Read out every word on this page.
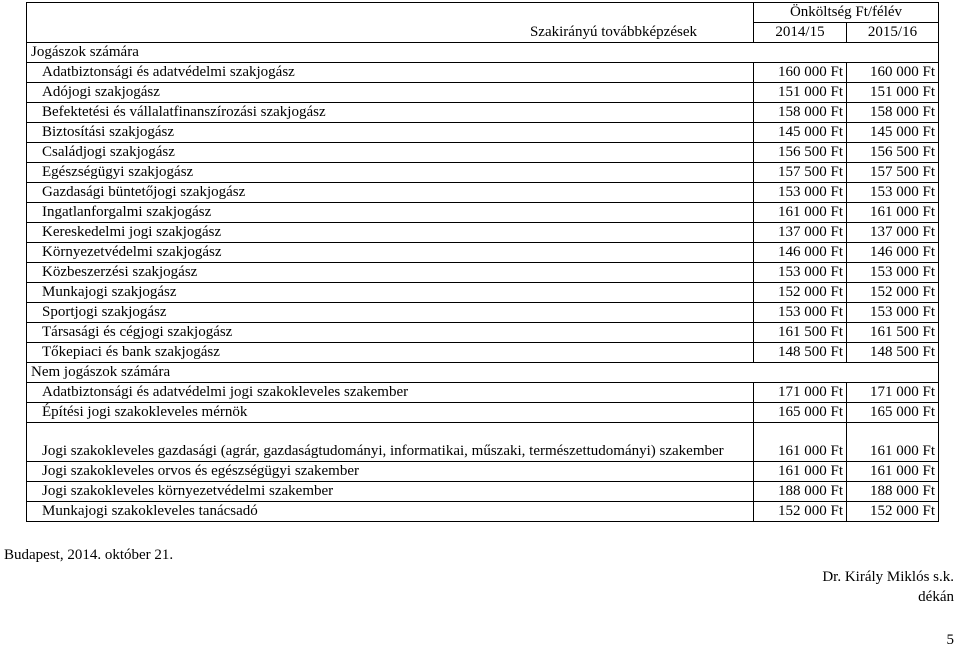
	Önköltség Ft/félév	
Szakirányú továbbképzések	2014/15	2015/16
Jogászok számára		
Adatbiztonsági és adatvédelmi szakjogász	160 000 Ft	160 000 Ft
Adójogi szakjogász	151 000 Ft	151 000 Ft
Befektetési és vállalatfinanszírozási szakjogász	158 000 Ft	158 000 Ft
Biztosítási szakjogász	145 000 Ft	145 000 Ft
Családjogi szakjogász	156 500 Ft	156 500 Ft
Egészségügyi szakjogász	157 500 Ft	157 500 Ft
Gazdasági büntetőjogi szakjogász	153 000 Ft	153 000 Ft
Ingatlanforgalmi szakjogász	161 000 Ft	161 000 Ft
Kereskedelmi jogi szakjogász	137 000 Ft	137 000 Ft
Környezetvédelmi szakjogász	146 000 Ft	146 000 Ft
Közbeszerzési szakjogász	153 000 Ft	153 000 Ft
Munkajogi szakjogász	152 000 Ft	152 000 Ft
Sportjogi szakjogász	153 000 Ft	153 000 Ft
Társasági és cégjogi szakjogász	161 500 Ft	161 500 Ft
Tőkepiaci és bank szakjogász	148 500 Ft	148 500 Ft
Nem jogászok számára		
Adatbiztonsági és adatvédelmi jogi szakokleveles szakember	171 000 Ft	171 000 Ft
Építési jogi szakokleveles mérnök	165 000 Ft	165 000 Ft
Jogi szakokleveles gazdasági (agrár, gazdaságtudományi, informatikai, műszaki, természettudományi) szakember	161 000 Ft	161 000 Ft
Jogi szakokleveles orvos és egészségügyi szakember	161 000 Ft	161 000 Ft
Jogi szakokleveles környezetvédelmi szakember	188 000 Ft	188 000 Ft
Munkajogi szakokleveles tanácsadó	152 000 Ft	152 000 Ft
Budapest, 2014. október 21.
Dr. Király Miklós s.k.
dékán
5
